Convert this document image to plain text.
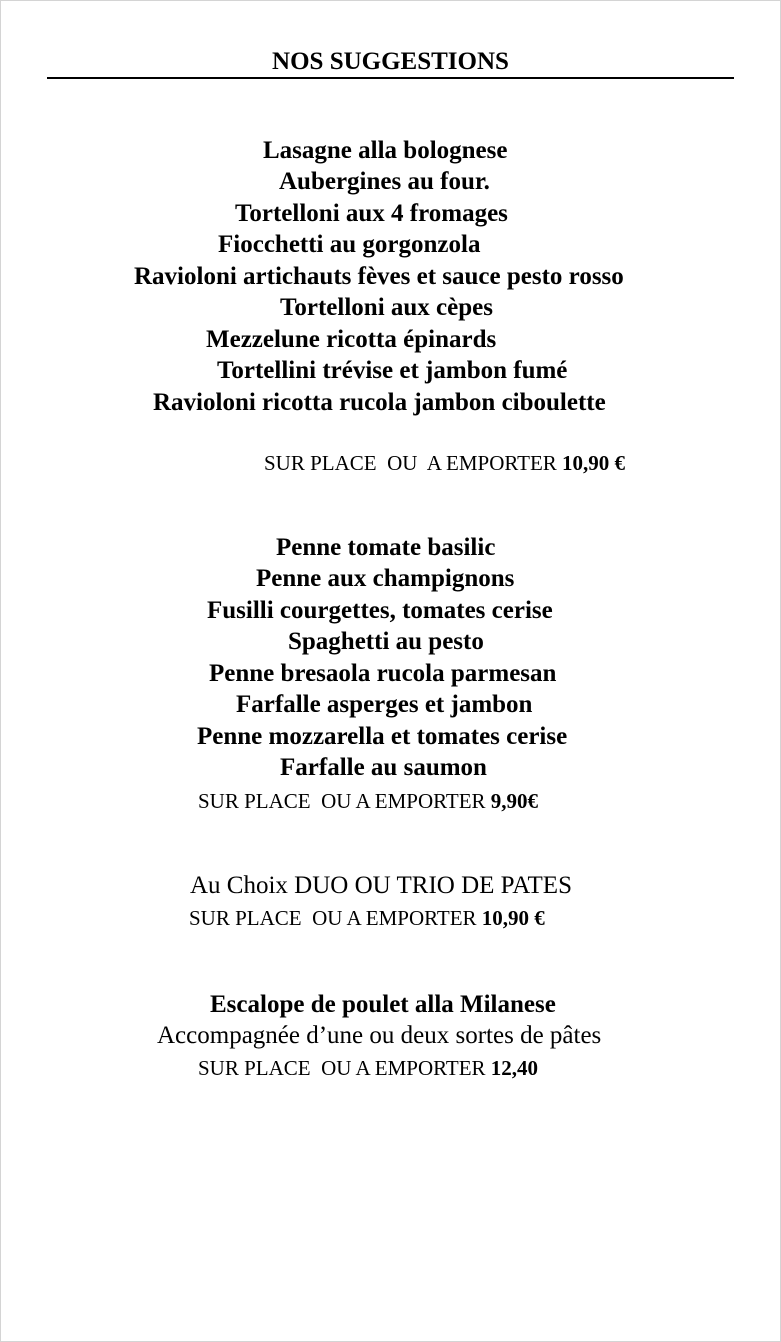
NOS SUGGESTIONS
Lasagne alla bolognese
Aubergines au four.
Tortelloni aux 4 fromages
Fiocchetti au gorgonzola
Ravioloni artichauts fèves et sauce pesto rosso
Tortelloni aux cèpes
Mezzelune ricotta épinards
Tortellini trévise et jambon fumé
Ravioloni ricotta rucola jambon ciboulette
SUR PLACE  OU  A EMPORTER 10,90 €
Penne tomate basilic
Penne aux champignons
Fusilli courgettes, tomates cerise
Spaghetti au pesto
Penne bresaola rucola parmesan
Farfalle asperges et jambon
Penne mozzarella et tomates cerise
Farfalle au saumon
SUR PLACE  OU A EMPORTER 9,90€
Au Choix DUO OU TRIO DE PATES
SUR PLACE  OU A EMPORTER 10,90 €
Escalope de poulet alla Milanese
Accompagnée d’une ou deux sortes de pâtes
SUR PLACE  OU A EMPORTER 12,40
